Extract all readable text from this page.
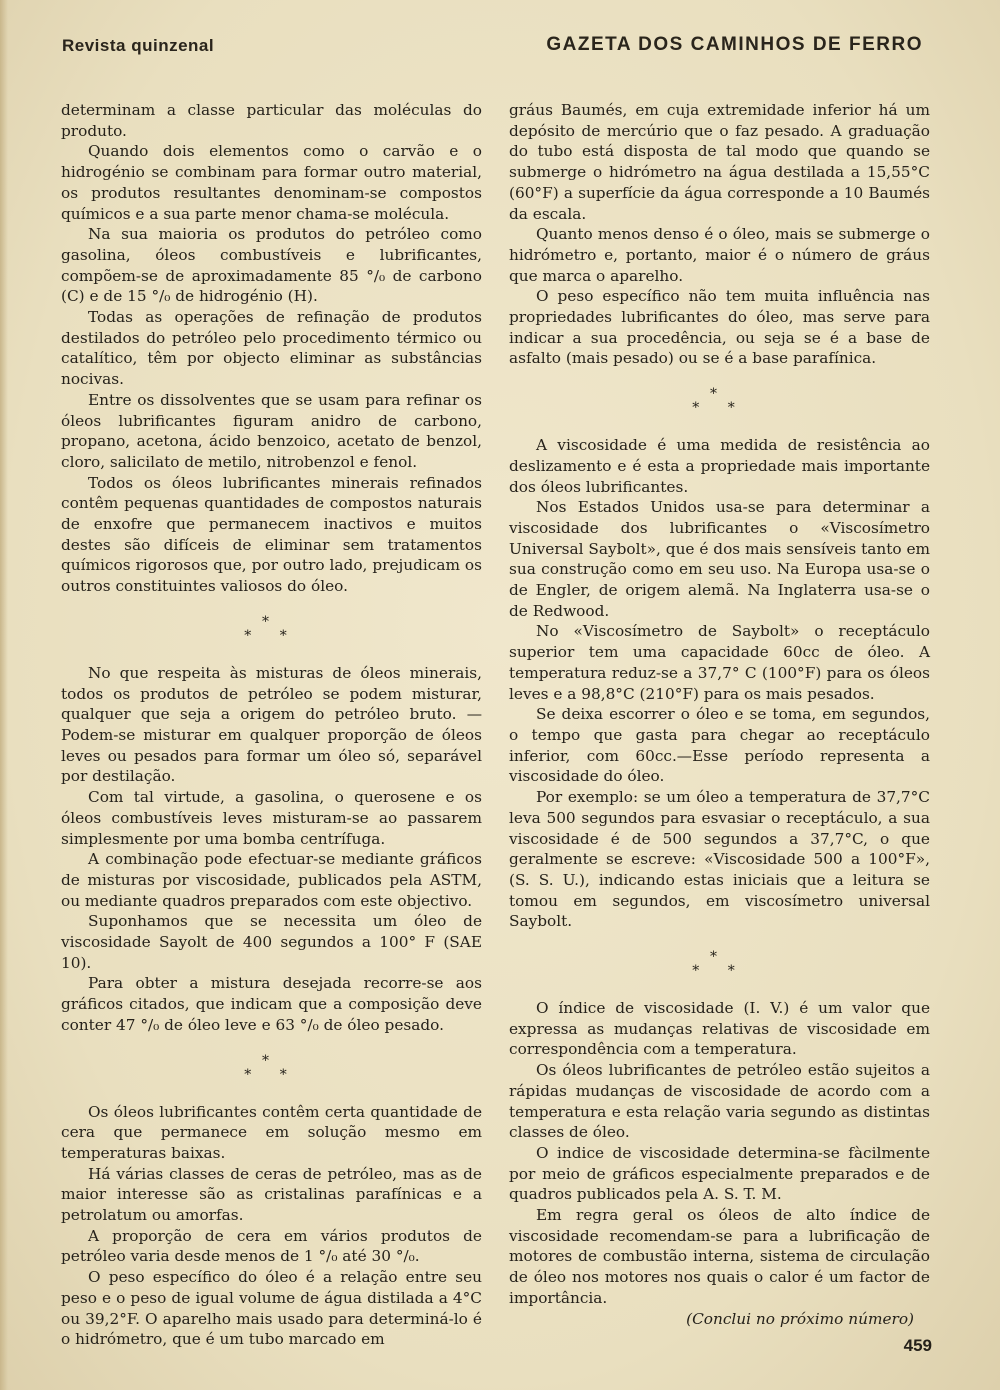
Revista quinzenal	GAZETA DOS CAMINHOS DE FERRO

determinam a classe particular das moléculas do produto.

Quando dois elementos como o carvão e o hidrogénio se combinam para formar outro material, os produtos resultantes denominam-se compostos químicos e a sua parte menor chama-se molécula.

Na sua maioria os produtos do petróleo como gasolina, óleos combustíveis e lubrificantes, compõem-se de aproximadamente 85 °/₀ de carbono (C) e de 15 °/₀ de hidrogénio (H).

Todas as operações de refinação de produtos destilados do petróleo pelo procedimento térmico ou catalítico, têm por objecto eliminar as substâncias nocivas.

Entre os dissolventes que se usam para refinar os óleos lubrificantes figuram anidro de carbono, propano, acetona, ácido benzoico, acetato de benzol, cloro, salicilato de metilo, nitrobenzol e fenol.

Todos os óleos lubrificantes minerais refinados contêm pequenas quantidades de compostos naturais de enxofre que permanecem inactivos e muitos destes são difíceis de eliminar sem tratamentos químicos rigorosos que, por outro lado, prejudicam os outros constituintes valiosos do óleo.

*
* *

No que respeita às misturas de óleos minerais, todos os produtos de petróleo se podem misturar, qualquer que seja a origem do petróleo bruto. — Podem-se misturar em qualquer proporção de óleos leves ou pesados para formar um óleo só, separável por destilação.

Com tal virtude, a gasolina, o querosene e os óleos combustíveis leves misturam-se ao passarem simplesmente por uma bomba centrífuga.

A combinação pode efectuar-se mediante gráficos de misturas por viscosidade, publicados pela ASTM, ou mediante quadros preparados com este objectivo.

Suponhamos que se necessita um óleo de viscosidade Sayolt de 400 segundos a 100° F (SAE 10).

Para obter a mistura desejada recorre-se aos gráficos citados, que indicam que a composição deve conter 47 °/₀ de óleo leve e 63 °/₀ de óleo pesado.

*
* *

Os óleos lubrificantes contêm certa quantidade de cera que permanece em solução mesmo em temperaturas baixas.

Há várias classes de ceras de petróleo, mas as de maior interesse são as cristalinas parafínicas e a petrolatum ou amorfas.

A proporção de cera em vários produtos de petróleo varia desde menos de 1 °/₀ até 30 °/₀.

O peso específico do óleo é a relação entre seu peso e o peso de igual volume de água distilada a 4°C ou 39,2°F. O aparelho mais usado para determiná-lo é o hidrómetro, que é um tubo marcado em

gráus Baumés, em cuja extremidade inferior há um depósito de mercúrio que o faz pesado. A graduação do tubo está disposta de tal modo que quando se submerge o hidrómetro na água destilada a 15,55°C (60°F) a superfície da água corresponde a 10 Baumés da escala.

Quanto menos denso é o óleo, mais se submerge o hidrómetro e, portanto, maior é o número de gráus que marca o aparelho.

O peso específico não tem muita influência nas propriedades lubrificantes do óleo, mas serve para indicar a sua procedência, ou seja se é a base de asfalto (mais pesado) ou se é a base parafínica.

*
* *

A viscosidade é uma medida de resistência ao deslizamento e é esta a propriedade mais importante dos óleos lubrificantes.

Nos Estados Unidos usa-se para determinar a viscosidade dos lubrificantes o «Viscosímetro Universal Saybolt», que é dos mais sensíveis tanto em sua construção como em seu uso. Na Europa usa-se o de Engler, de origem alemã. Na Inglaterra usa-se o de Redwood.

No «Viscosímetro de Saybolt» o receptáculo superior tem uma capacidade 60cc de óleo. A temperatura reduz-se a 37,7° C (100°F) para os óleos leves e a 98,8°C (210°F) para os mais pesados.

Se deixa escorrer o óleo e se toma, em segundos, o tempo que gasta para chegar ao receptáculo inferior, com 60cc.—Esse período representa a viscosidade do óleo.

Por exemplo: se um óleo a temperatura de 37,7°C leva 500 segundos para esvasiar o receptáculo, a sua viscosidade é de 500 segundos a 37,7°C, o que geralmente se escreve: «Viscosidade 500 a 100°F», (S. S. U.), indicando estas iniciais que a leitura se tomou em segundos, em viscosímetro universal Saybolt.

*
* *

O índice de viscosidade (I. V.) é um valor que expressa as mudanças relativas de viscosidade em correspondência com a temperatura.

Os óleos lubrificantes de petróleo estão sujeitos a rápidas mudanças de viscosidade de acordo com a temperatura e esta relação varia segundo as distintas classes de óleo.

O indice de viscosidade determina-se fàcilmente por meio de gráficos especialmente preparados e de quadros publicados pela A. S. T. M.

Em regra geral os óleos de alto índice de viscosidade recomendam-se para a lubrificação de motores de combustão interna, sistema de circulação de óleo nos motores nos quais o calor é um factor de importância.

(Conclui no próximo número)

459
